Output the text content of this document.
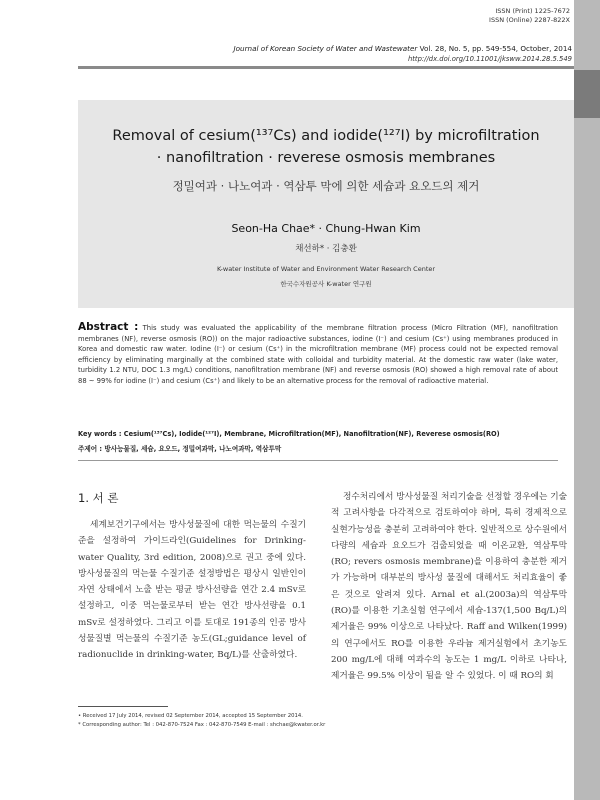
ISSN (Print) 1225-7672
ISSN (Online) 2287-822X
Journal of Korean Society of Water and Wastewater Vol. 28, No. 5, pp. 549-554, October, 2014
http://dx.doi.org/10.11001/jksww.2014.28.5.549
Removal of cesium(¹³⁷Cs) and iodide(¹²⁷I) by microfiltration
· nanofiltration · reverese osmosis membranes
정밀여과 · 나노여과 · 역삼투 막에 의한 세슘과 요오드의 제거
Seon-Ha Chae* · Chung-Hwan Kim
채선하* · 김충환
K-water Institute of Water and Environment Water Research Center
한국수자원공사 K-water 연구원
Abstract : This study was evaluated the applicability of the membrane filtration process (Micro Filtration (MF), nanofiltration membranes (NF), reverse osmosis (RO)) on the major radioactive substances, iodine (I⁻) and cesium (Cs⁺) using membranes produced in Korea and domestic raw water. Iodine (I⁻) or cesium (Cs⁺) in the microfiltration membrane (MF) process could not be expected removal efficiency by eliminating marginally at the combined state with colloidal and turbidity material. At the domestic raw water (lake water, turbidity 1.2 NTU, DOC 1.3 mg/L) conditions, nanofiltration membrane (NF) and reverse osmosis (RO) showed a high removal rate of about 88 ~ 99% for iodine (I⁻) and cesium (Cs⁺) and likely to be an alternative process for the removal of radioactive material.
Key words : Cesium(¹³⁷Cs), Iodide(¹²⁷I), Membrane, Microfiltration(MF), Nanofiltration(NF), Reverese osmosis(RO)
주제어 : 방사능물질, 세슘, 요오드, 정밀여과막, 나노여과막, 역삼투막
1. 서 론
세계보건기구에서는 방사성물질에 대한 먹는물의 수질기준을 설정하여 가이드라인(Guidelines for Drinking-water Quality, 3rd edition, 2008)으로 권고 중에 있다. 방사성물질의 먹는물 수질기준 설정방법은 평상시 일반인이 자연 상태에서 노출 받는 평균 방사선량을 연간 2.4 mSv로 설정하고, 이중 먹는물로부터 받는 연간 방사선량을 0.1 mSv로 설정하였다. 그리고 이를 토대로 191종의 인공 방사성물질별 먹는물의 수질기준 농도(GL;guidance level of radionuclide in drinking-water, Bq/L)를 산출하였다.
정수처리에서 방사성물질 처리기술을 선정할 경우에는 기술적 고려사항을 다각적으로 검토하여야 하며, 특히 경제적으로 실현가능성을 충분히 고려하여야 한다. 일반적으로 상수원에서 다량의 세슘과 요오드가 검출되었을 때 이온교환, 역삼투막(RO; revers osmosis membrane)을 이용하여 충분한 제거가 가능하며 대부분의 방사성 물질에 대해서도 처리효율이 좋은 것으로 알려져 있다. Arnal et al.(2003a)의 역삼투막(RO)를 이용한 기초실험 연구에서 세슘-137(1,500 Bq/L)의 제거율은 99% 이상으로 나타났다. Raff and Wilken(1999)의 연구에서도 RO를 이용한 우라늄 제거실험에서 초기농도 200 mg/L에 대해 여과수의 농도는 1 mg/L 이하로 나타나, 제거율은 99.5% 이상이 됨을 알 수 있었다. 이 때 RO의 회
• Received 17 July 2014, revised 02 September 2014, accepted 15 September 2014.
* Corresponding author: Tel : 042-870-7524 Fax : 042-870-7549 E-mail : shchae@kwater.or.kr
